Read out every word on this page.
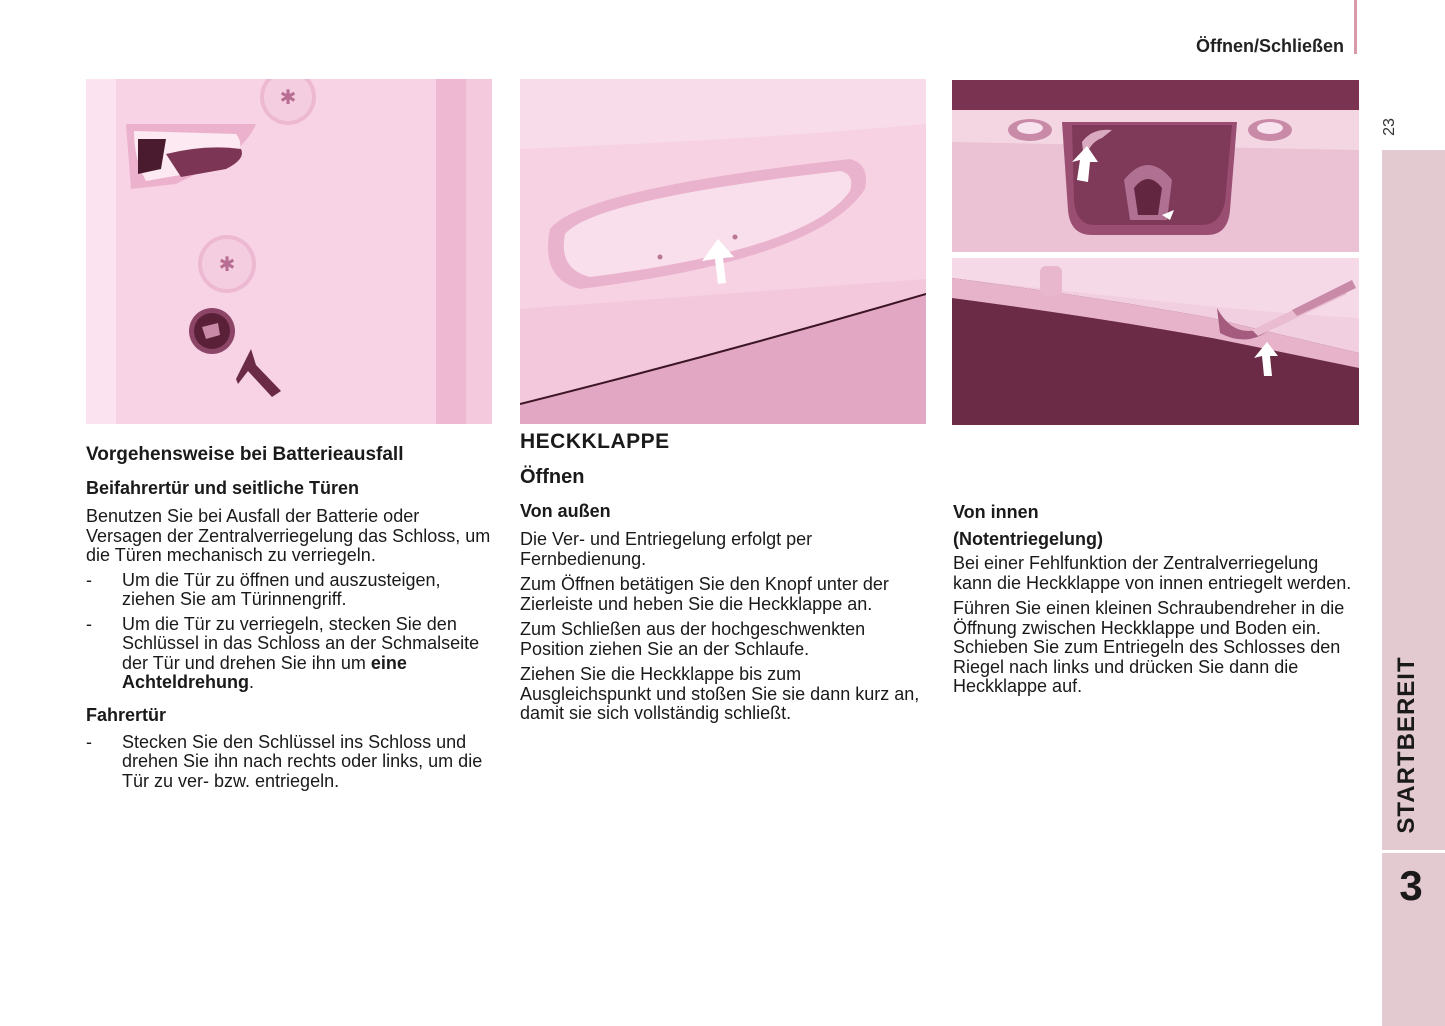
Öffnen/Schließen
23
STARTBEREIT
3
✱
✱
Vorgehensweise bei Batterieausfall
Beifahrertür und seitliche Türen

Benutzen Sie bei Ausfall der Batterie oder Versagen der Zentralverriegelung das Schloss, um die Türen mechanisch zu verriegeln.

- Um die Tür zu öffnen und auszusteigen, ziehen Sie am Türinnengriff.
- Um die Tür zu verriegeln, stecken Sie den Schlüssel in das Schloss an der Schmalseite der Tür und drehen Sie ihn um eine Achteldrehung.
Fahrertür
- Stecken Sie den Schlüssel ins Schloss und drehen Sie ihn nach rechts oder links, um die Tür zu ver- bzw. entriegeln.
HECKKLAPPE
Öffnen
Von außen

Die Ver- und Entriegelung erfolgt per Fernbedienung.

Zum Öffnen betätigen Sie den Knopf unter der Zierleiste und heben Sie die Heckklappe an.

Zum Schließen aus der hochgeschwenkten Position ziehen Sie an der Schlaufe.

Ziehen Sie die Heckklappe bis zum Ausgleichspunkt und stoßen Sie sie dann kurz an, damit sie sich vollständig schließt.

Von innen
(Notentriegelung)

Bei einer Fehlfunktion der Zentralverriegelung kann die Heckklappe von innen entriegelt werden.

Führen Sie einen kleinen Schraubendreher in die Öffnung zwischen Heckklappe und Boden ein. Schieben Sie zum Entriegeln des Schlosses den Riegel nach links und drücken Sie dann die Heckklappe auf.
